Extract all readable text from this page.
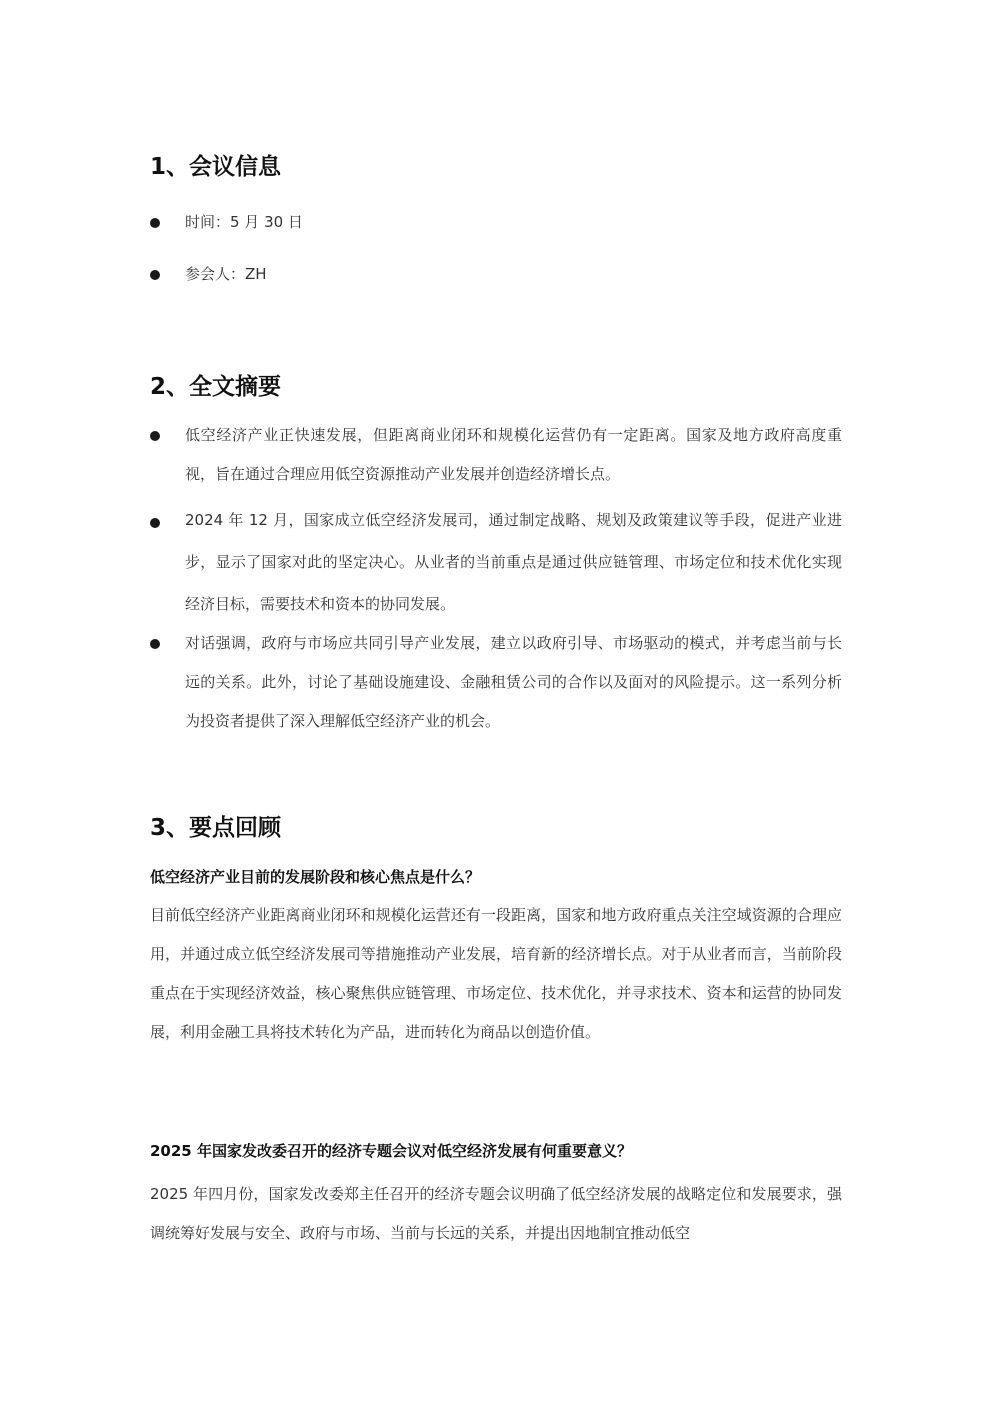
1、会议信息
时间：5 月 30 日
参会人：ZH
2、全文摘要
低空经济产业正快速发展，但距离商业闭环和规模化运营仍有一定距离。国家及地方政府高度重视，旨在通过合理应用低空资源推动产业发展并创造经济增长点。
2024 年 12 月，国家成立低空经济发展司，通过制定战略、规划及政策建议等手段，促进产业进步，显示了国家对此的坚定决心。从业者的当前重点是通过供应链管理、市场定位和技术优化实现经济目标，需要技术和资本的协同发展。
对话强调，政府与市场应共同引导产业发展，建立以政府引导、市场驱动的模式，并考虑当前与长远的关系。此外，讨论了基础设施建设、金融租赁公司的合作以及面对的风险提示。这一系列分析为投资者提供了深入理解低空经济产业的机会。
3、要点回顾

低空经济产业目前的发展阶段和核心焦点是什么？

目前低空经济产业距离商业闭环和规模化运营还有一段距离，国家和地方政府重点关注空域资源的合理应用，并通过成立低空经济发展司等措施推动产业发展，培育新的经济增长点。对于从业者而言，当前阶段重点在于实现经济效益，核心聚焦供应链管理、市场定位、技术优化，并寻求技术、资本和运营的协同发展，利用金融工具将技术转化为产品，进而转化为商品以创造价值。

2025 年国家发改委召开的经济专题会议对低空经济发展有何重要意义？

2025 年四月份，国家发改委郑主任召开的经济专题会议明确了低空经济发展的战略定位和发展要求，强调统筹好发展与安全、政府与市场、当前与长远的关系，并提出因地制宜推动低空
